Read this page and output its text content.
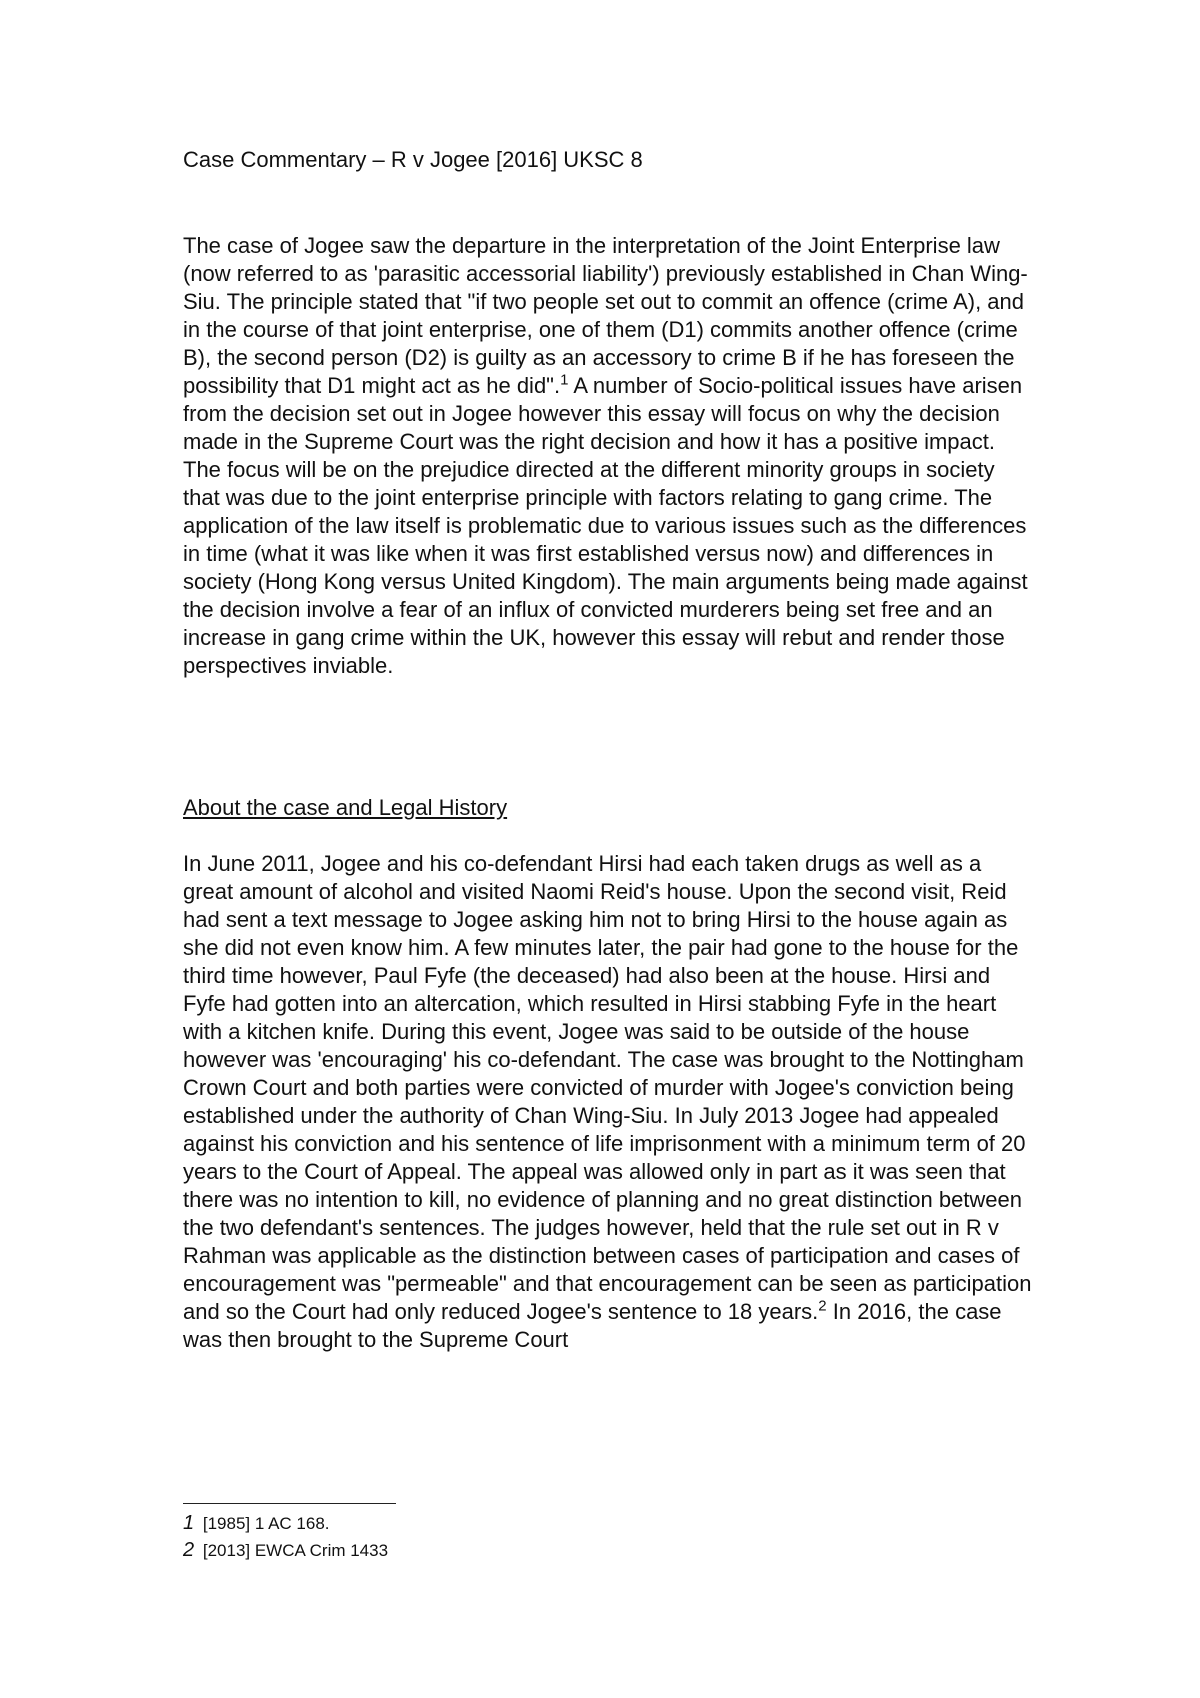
Case Commentary – R v Jogee [2016] UKSC 8

The case of Jogee saw the departure in the interpretation of the Joint Enterprise law (now referred to as 'parasitic accessorial liability') previously established in Chan Wing-Siu. The principle stated that "if two people set out to commit an offence (crime A), and in the course of that joint enterprise, one of them (D1) commits another offence (crime B), the second person (D2) is guilty as an accessory to crime B if he has foreseen the possibility that D1 might act as he did".$^1$ A number of Socio-political issues have arisen from the decision set out in Jogee however this essay will focus on why the decision made in the Supreme Court was the right decision and how it has a positive impact. The focus will be on the prejudice directed at the different minority groups in society that was due to the joint enterprise principle with factors relating to gang crime. The application of the law itself is problematic due to various issues such as the differences in time (what it was like when it was first established versus now) and differences in society (Hong Kong versus United Kingdom). The main arguments being made against the decision involve a fear of an influx of convicted murderers being set free and an increase in gang crime within the UK, however this essay will rebut and render those perspectives inviable.

About the case and Legal History

In June 2011, Jogee and his co-defendant Hirsi had each taken drugs as well as a great amount of alcohol and visited Naomi Reid's house. Upon the second visit, Reid had sent a text message to Jogee asking him not to bring Hirsi to the house again as she did not even know him. A few minutes later, the pair had gone to the house for the third time however, Paul Fyfe (the deceased) had also been at the house. Hirsi and Fyfe had gotten into an altercation, which resulted in Hirsi stabbing Fyfe in the heart with a kitchen knife. During this event, Jogee was said to be outside of the house however was 'encouraging' his co-defendant. The case was brought to the Nottingham Crown Court and both parties were convicted of murder with Jogee's conviction being established under the authority of Chan Wing-Siu. In July 2013 Jogee had appealed against his conviction and his sentence of life imprisonment with a minimum term of 20 years to the Court of Appeal. The appeal was allowed only in part as it was seen that there was no intention to kill, no evidence of planning and no great distinction between the two defendant's sentences. The judges however, held that the rule set out in R v Rahman was applicable as the distinction between cases of participation and cases of encouragement was "permeable" and that encouragement can be seen as participation and so the Court had only reduced Jogee's sentence to 18 years.$^2$ In 2016, the case was then brought to the Supreme Court

1 [1985] 1 AC 168.
2 [2013] EWCA Crim 1433
